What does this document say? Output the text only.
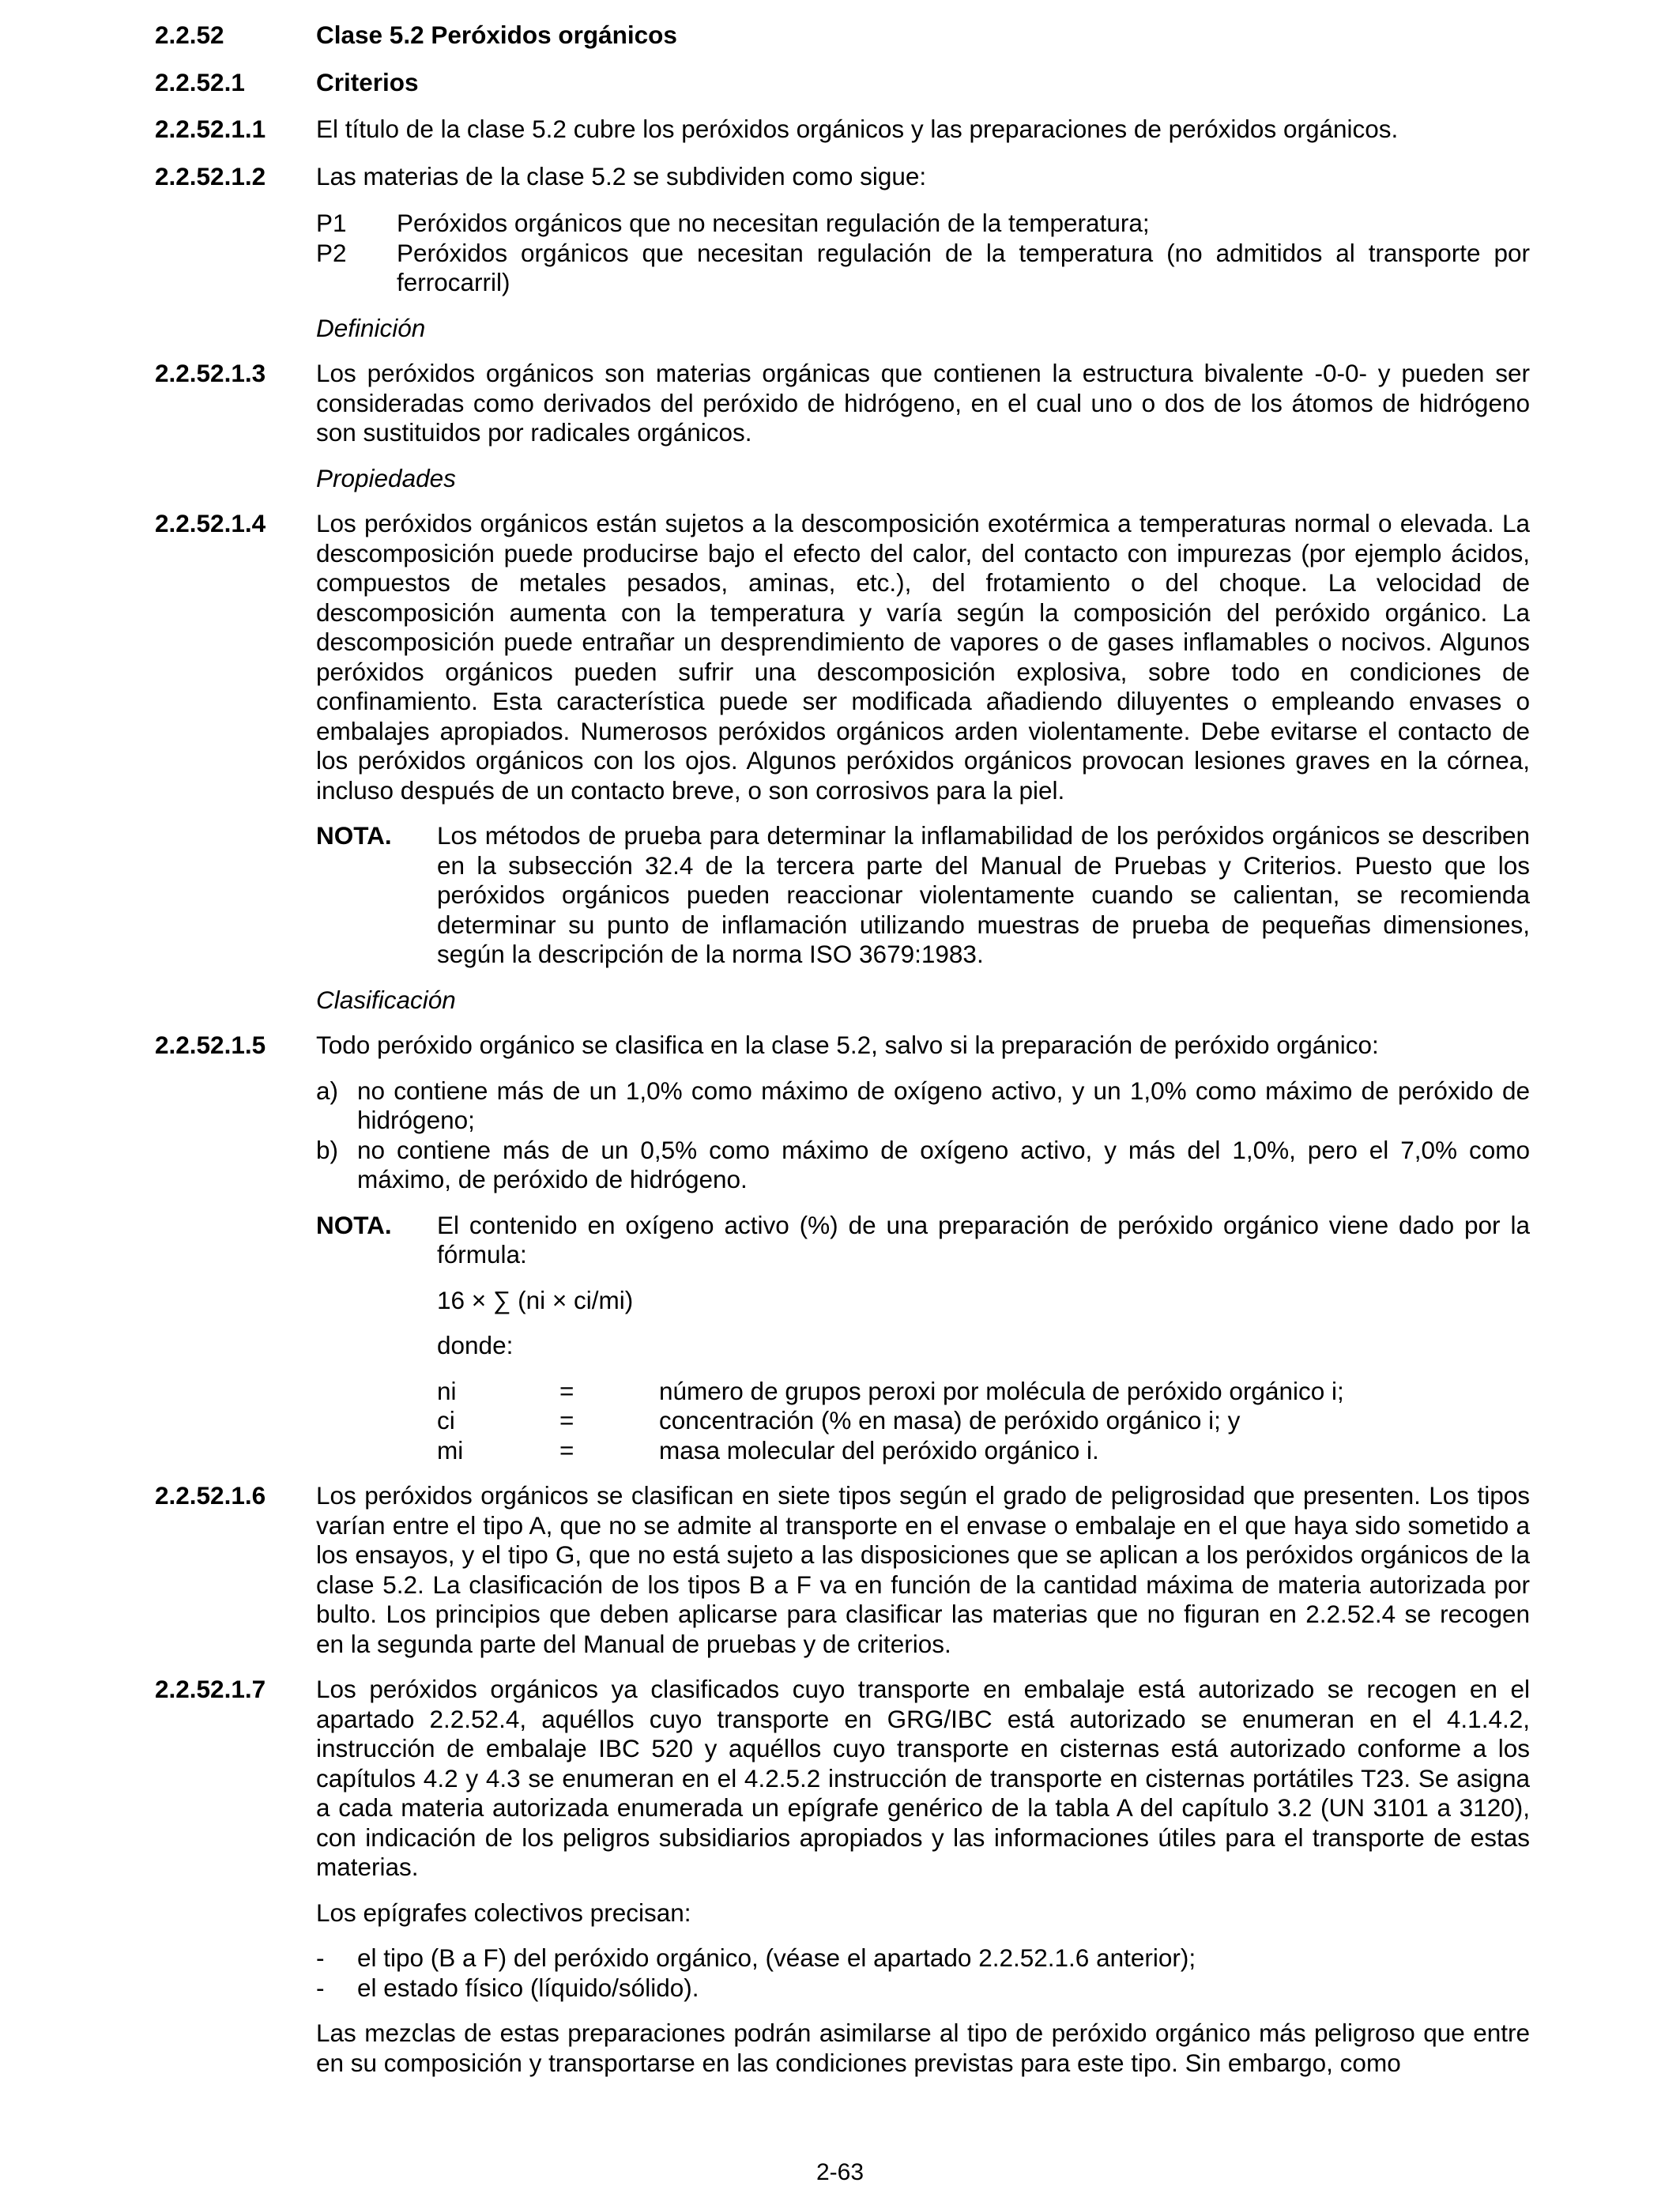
2.2.52	Clase 5.2 Peróxidos orgánicos
2.2.52.1	Criterios
2.2.52.1.1	El título de la clase 5.2 cubre los peróxidos orgánicos y las preparaciones de peróxidos orgánicos.
2.2.52.1.2	Las materias de la clase 5.2 se subdividen como sigue:
P1	Peróxidos orgánicos que no necesitan regulación de la temperatura;
P2	Peróxidos orgánicos que necesitan regulación de la temperatura (no admitidos al transporte por ferrocarril)
Definición
2.2.52.1.3	Los peróxidos orgánicos son materias orgánicas que contienen la estructura bivalente -0-0- y pueden ser consideradas como derivados del peróxido de hidrógeno, en el cual uno o dos de los átomos de hidrógeno son sustituidos por radicales orgánicos.
Propiedades
2.2.52.1.4	Los peróxidos orgánicos están sujetos a la descomposición exotérmica a temperaturas normal o elevada. La descomposición puede producirse bajo el efecto del calor, del contacto con impurezas (por ejemplo ácidos, compuestos de metales pesados, aminas, etc.), del frotamiento o del choque. La velocidad de descomposición aumenta con la temperatura y varía según la composición del peróxido orgánico. La descomposición puede entrañar un desprendimiento de vapores o de gases inflamables o nocivos. Algunos peróxidos orgánicos pueden sufrir una descomposición explosiva, sobre todo en condiciones de confinamiento. Esta característica puede ser modificada añadiendo diluyentes o empleando envases o embalajes apropiados. Numerosos peróxidos orgánicos arden violentamente. Debe evitarse el contacto de los peróxidos orgánicos con los ojos. Algunos peróxidos orgánicos provocan lesiones graves en la córnea, incluso después de un contacto breve, o son corrosivos para la piel.
NOTA.	Los métodos de prueba para determinar la inflamabilidad de los peróxidos orgánicos se describen en la subsección 32.4 de la tercera parte del Manual de Pruebas y Criterios. Puesto que los peróxidos orgánicos pueden reaccionar violentamente cuando se calientan, se recomienda determinar su punto de inflamación utilizando muestras de prueba de pequeñas dimensiones, según la descripción de la norma ISO 3679:1983.
Clasificación
2.2.52.1.5	Todo peróxido orgánico se clasifica en la clase 5.2, salvo si la preparación de peróxido orgánico:
a) no contiene más de un 1,0% como máximo de oxígeno activo, y un 1,0% como máximo de peróxido de hidrógeno;
b) no contiene más de un 0,5% como máximo de oxígeno activo, y más del 1,0%, pero el 7,0% como máximo, de peróxido de hidrógeno.
NOTA.	El contenido en oxígeno activo (%) de una preparación de peróxido orgánico viene dado por la fórmula:
16 × ∑ (ni × ci/mi)
donde:
ni	=	número de grupos peroxi por molécula de peróxido orgánico i;
ci	=	concentración (% en masa) de peróxido orgánico i; y
mi	=	masa molecular del peróxido orgánico i.
2.2.52.1.6	Los peróxidos orgánicos se clasifican en siete tipos según el grado de peligrosidad que presenten. Los tipos varían entre el tipo A, que no se admite al transporte en el envase o embalaje en el que haya sido sometido a los ensayos, y el tipo G, que no está sujeto a las disposiciones que se aplican a los peróxidos orgánicos de la clase 5.2. La clasificación de los tipos B a F va en función de la cantidad máxima de materia autorizada por bulto. Los principios que deben aplicarse para clasificar las materias que no figuran en 2.2.52.4 se recogen en la segunda parte del Manual de pruebas y de criterios.
2.2.52.1.7	Los peróxidos orgánicos ya clasificados cuyo transporte en embalaje está autorizado se recogen en el apartado 2.2.52.4, aquéllos cuyo transporte en GRG/IBC está autorizado se enumeran en el 4.1.4.2, instrucción de embalaje IBC 520 y aquéllos cuyo transporte en cisternas está autorizado conforme a los capítulos 4.2 y 4.3 se enumeran en el 4.2.5.2 instrucción de transporte en cisternas portátiles T23. Se asigna a cada materia autorizada enumerada un epígrafe genérico de la tabla A del capítulo 3.2 (UN 3101 a 3120), con indicación de los peligros subsidiarios apropiados y las informaciones útiles para el transporte de estas materias.
Los epígrafes colectivos precisan:
-	el tipo (B a F) del peróxido orgánico, (véase el apartado 2.2.52.1.6 anterior);
-	el estado físico (líquido/sólido).
Las mezclas de estas preparaciones podrán asimilarse al tipo de peróxido orgánico más peligroso que entre en su composición y transportarse en las condiciones previstas para este tipo. Sin embargo, como
2-63
